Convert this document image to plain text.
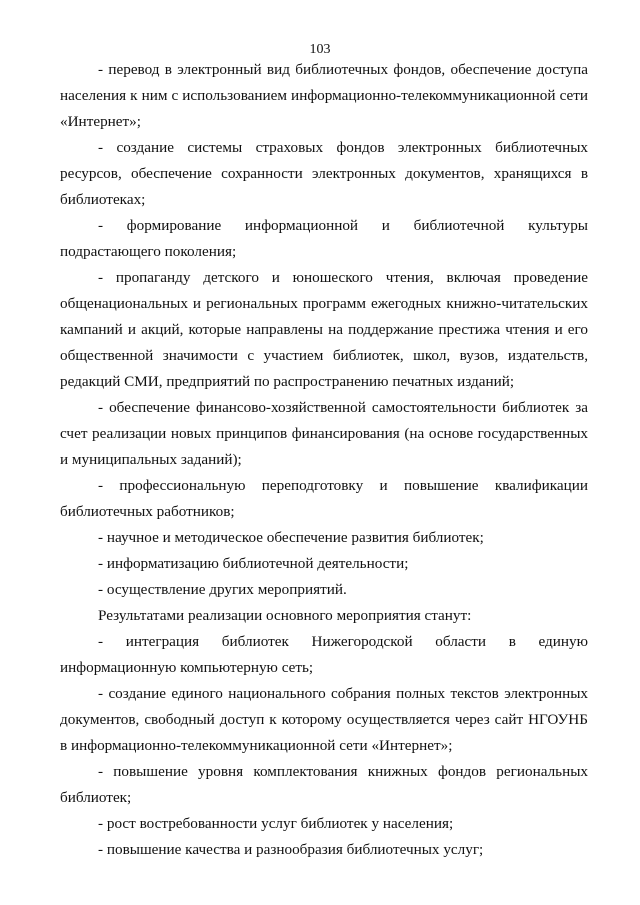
103

- перевод в электронный вид библиотечных фондов, обеспечение доступа населения к ним с использованием информационно-телекоммуникационной сети «Интернет»;

- создание системы страховых фондов электронных библиотечных ресурсов, обеспечение сохранности электронных документов, хранящихся в библиотеках;

- формирование информационной и библиотечной культуры подрастающего поколения;

- пропаганду детского и юношеского чтения, включая проведение общенациональных и региональных программ ежегодных книжно-читательских кампаний и акций, которые направлены на поддержание престижа чтения и его общественной значимости с участием библиотек, школ, вузов, издательств, редакций СМИ, предприятий по распространению печатных изданий;

- обеспечение финансово-хозяйственной самостоятельности библиотек за счет реализации новых принципов финансирования (на основе государственных и муниципальных заданий);

- профессиональную переподготовку и повышение квалификации библиотечных работников;

- научное и методическое обеспечение развития библиотек;

- информатизацию библиотечной деятельности;

- осуществление других мероприятий.

Результатами реализации основного мероприятия станут:

- интеграция библиотек Нижегородской области в единую информационную компьютерную сеть;

- создание единого национального собрания полных текстов электронных документов, свободный доступ к которому осуществляется через сайт НГОУНБ в информационно-телекоммуникационной сети «Интернет»;

- повышение уровня комплектования книжных фондов региональных библиотек;

- рост востребованности услуг библиотек у населения;

- повышение качества и разнообразия библиотечных услуг;
